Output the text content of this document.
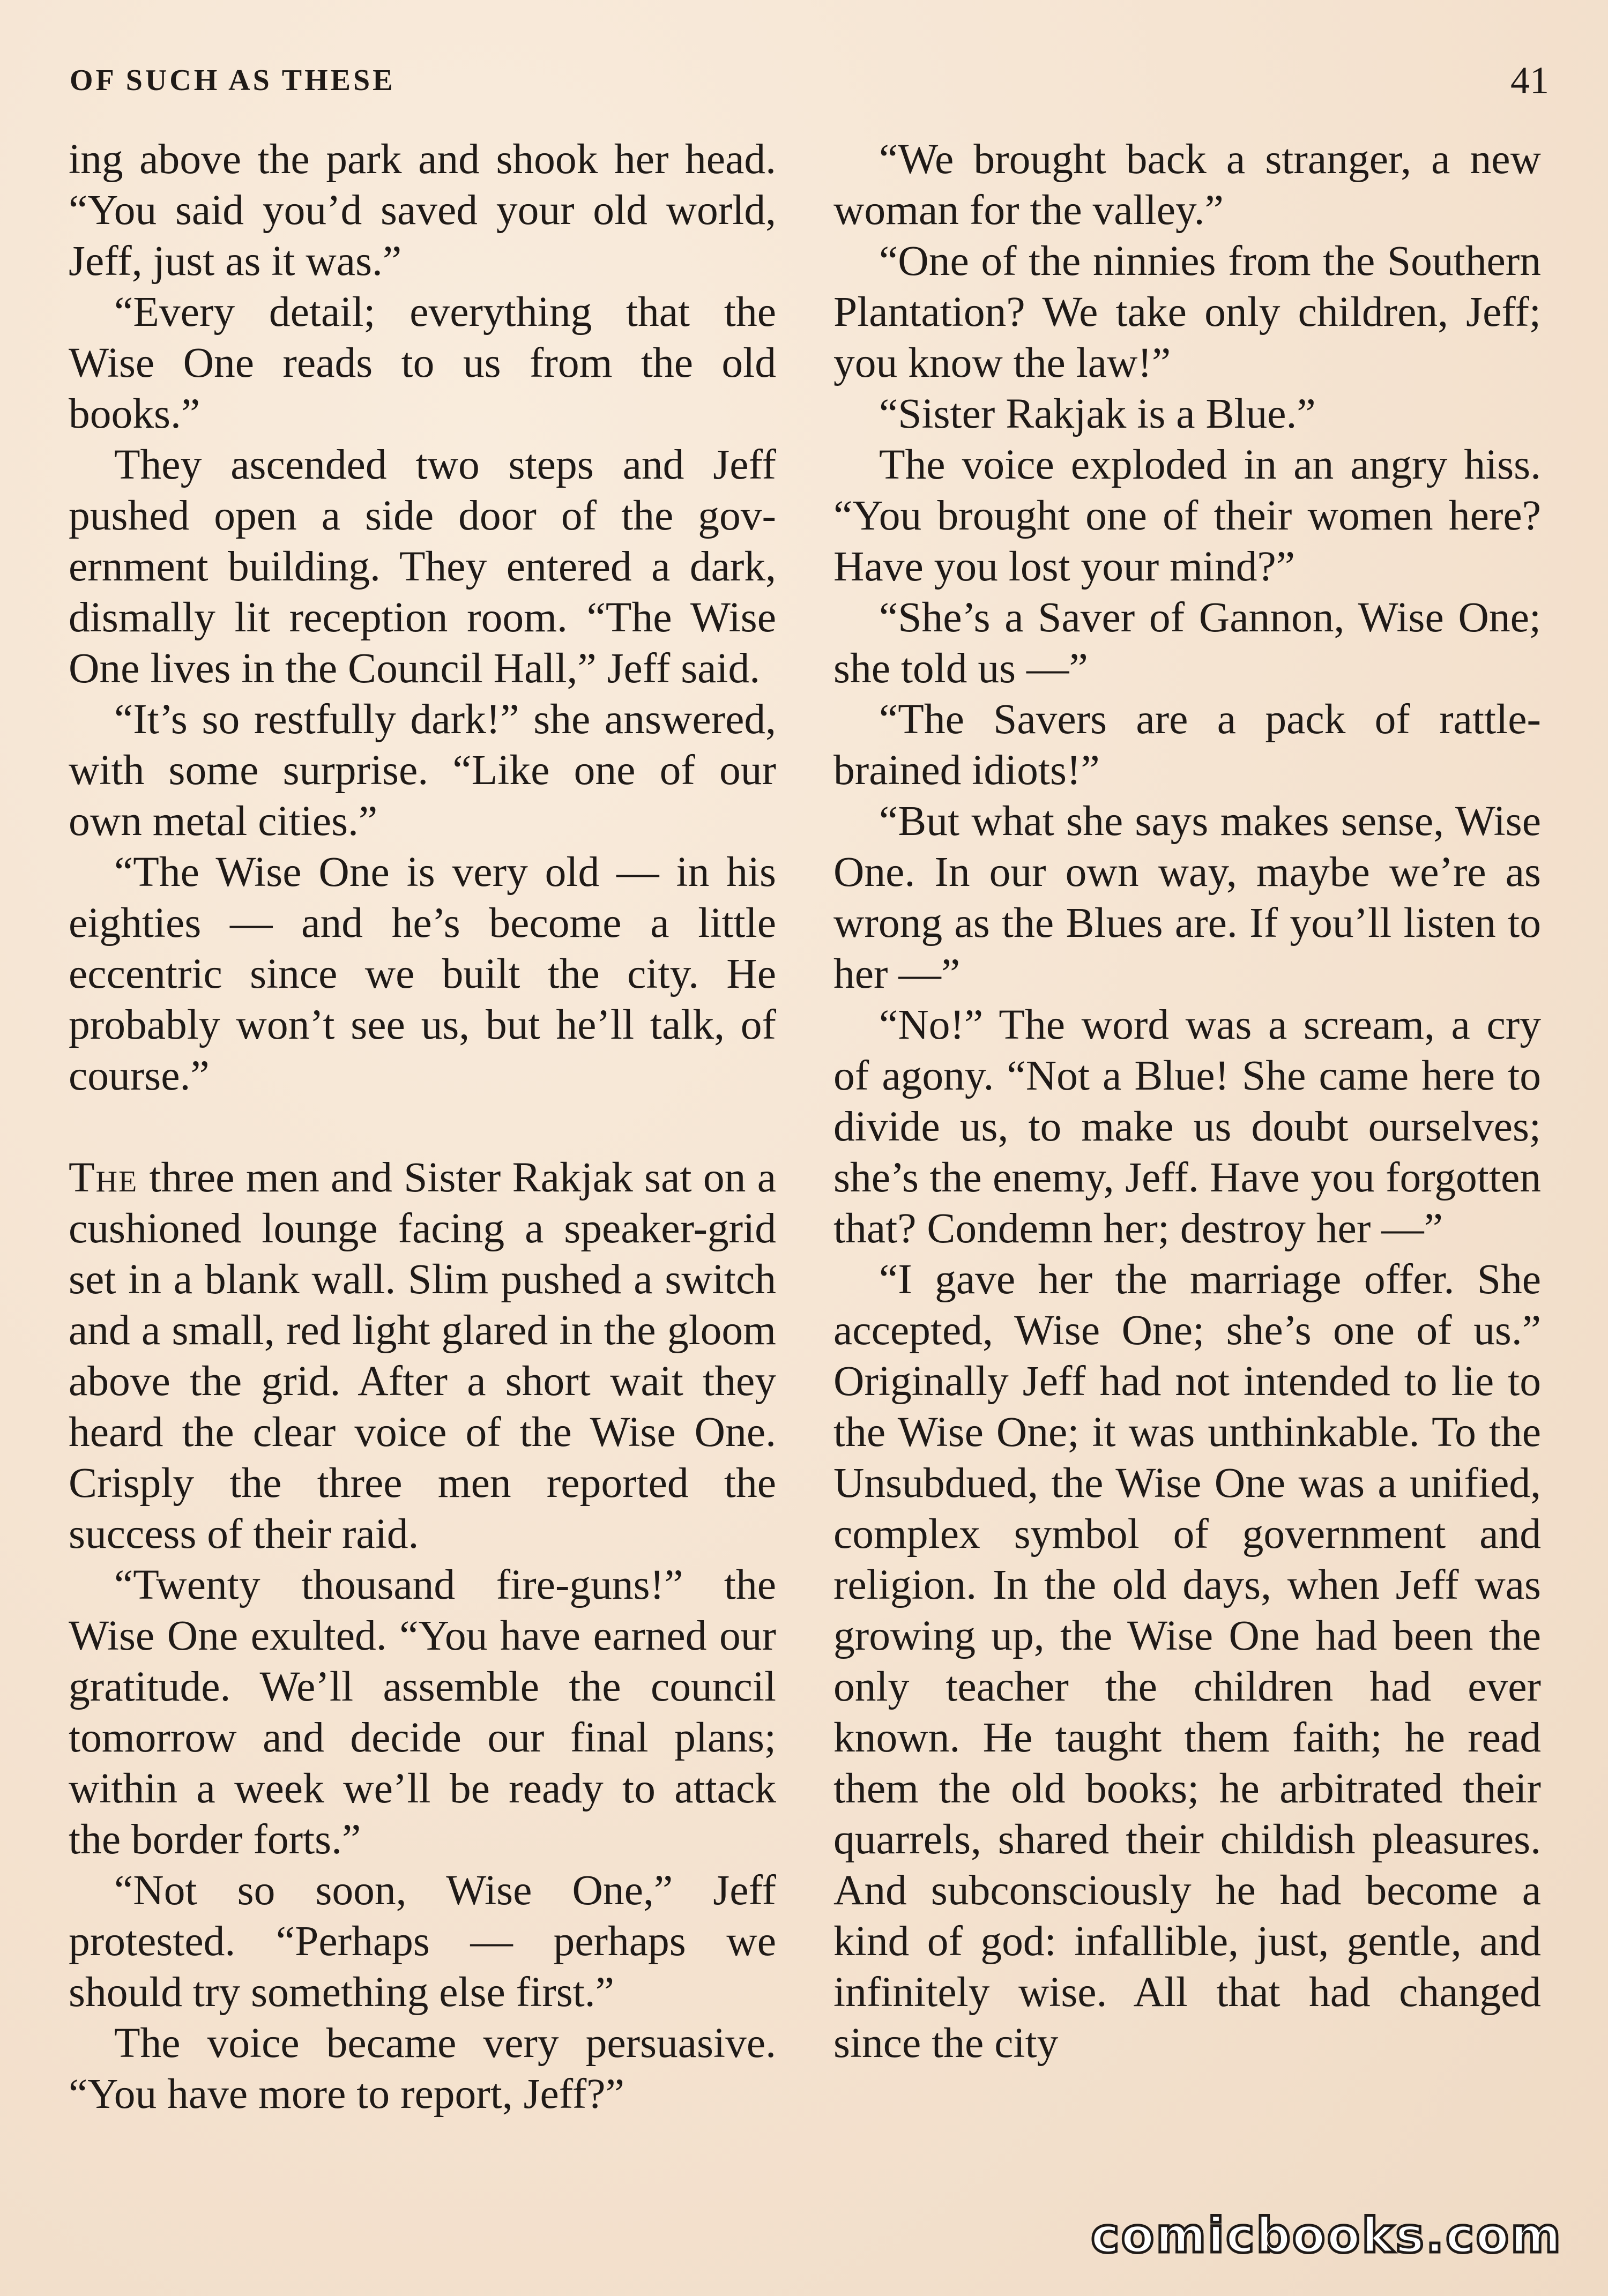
OF SUCH AS THESE	41

ing above the park and shook her head. “You said you’d saved your old world, Jeff, just as it was.”

“Every detail; everything that the Wise One reads to us from the old books.”

They ascended two steps and Jeff pushed open a side door of the government building. They entered a dark, dismally lit reception room. “The Wise One lives in the Council Hall,” Jeff said.

“It’s so restfully dark!” she answered, with some surprise. “Like one of our own metal cities.”

“The Wise One is very old — in his eighties — and he’s become a little eccentric since we built the city. He probably won’t see us, but he’ll talk, of course.”

The three men and Sister Rakjak sat on a cushioned lounge facing a speaker-grid set in a blank wall. Slim pushed a switch and a small, red light glared in the gloom above the grid. After a short wait they heard the clear voice of the Wise One. Crisply the three men reported the success of their raid.

“Twenty thousand fire-guns!” the Wise One exulted. “You have earned our gratitude. We’ll assemble the council tomorrow and decide our final plans; within a week we’ll be ready to attack the border forts.”

“Not so soon, Wise One,” Jeff protested. “Perhaps — perhaps we should try something else first.”

The voice became very persuasive. “You have more to report, Jeff?”

“We brought back a stranger, a new woman for the valley.”

“One of the ninnies from the Southern Plantation? We take only children, Jeff; you know the law!”

“Sister Rakjak is a Blue.”

The voice exploded in an angry hiss. “You brought one of their women here? Have you lost your mind?”

“She’s a Saver of Gannon, Wise One; she told us —”

“The Savers are a pack of rattlebrained idiots!”

“But what she says makes sense, Wise One. In our own way, maybe we’re as wrong as the Blues are. If you’ll listen to her —”

“No!” The word was a scream, a cry of agony. “Not a Blue! She came here to divide us, to make us doubt ourselves; she’s the enemy, Jeff. Have you forgotten that? Condemn her; destroy her —”

“I gave her the marriage offer. She accepted, Wise One; she’s one of us.” Originally Jeff had not intended to lie to the Wise One; it was unthinkable. To the Unsubdued, the Wise One was a unified, complex symbol of government and religion. In the old days, when Jeff was growing up, the Wise One had been the only teacher the children had ever known. He taught them faith; he read them the old books; he arbitrated their quarrels, shared their childish pleasures. And subconsciously he had become a kind of god: infallible, just, gentle, and infinitely wise. All that had changed since the city

comicbooks.com
